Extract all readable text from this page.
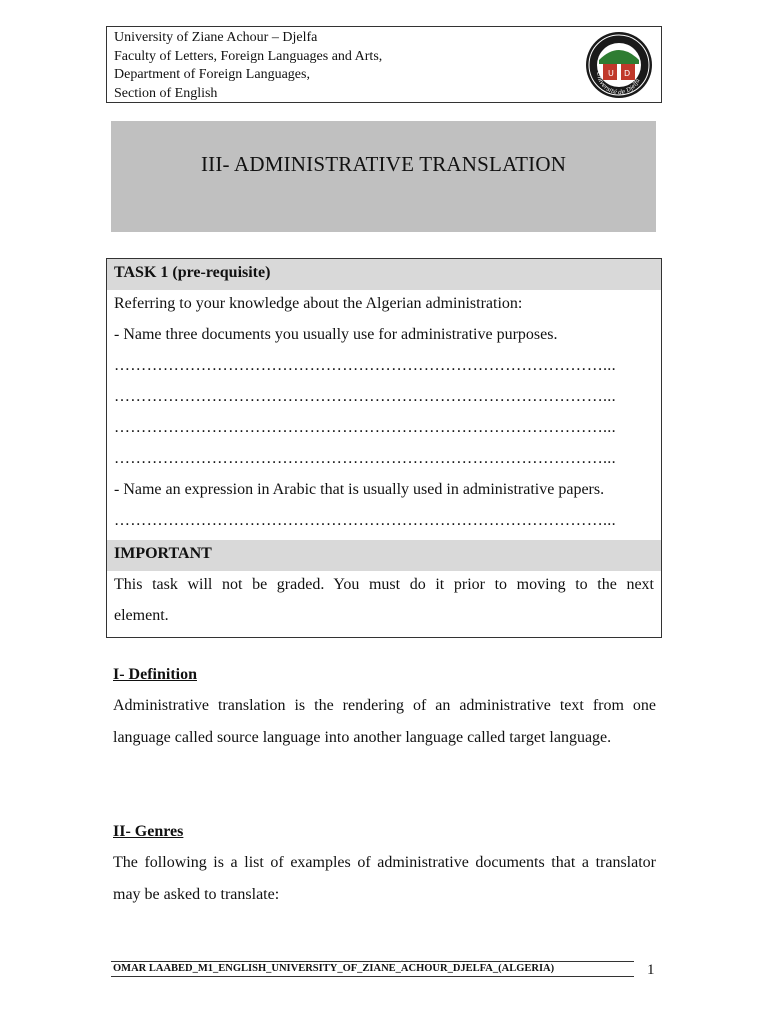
University of Ziane Achour – Djelfa
Faculty of Letters, Foreign Languages and Arts,
Department of Foreign Languages,
Section of English
U D
Université de Djelfa
III- ADMINISTRATIVE TRANSLATION
TASK 1 (pre-requisite)
Referring to your knowledge about the Algerian administration:
- Name three documents you usually use for administrative purposes.
………………………………………………………………………………...
………………………………………………………………………………...
………………………………………………………………………………...
………………………………………………………………………………...
- Name an expression in Arabic that is usually used in administrative papers.
………………………………………………………………………………...
IMPORTANT
This task will not be graded. You must do it prior to moving to the next
element.
I- Definition
Administrative translation is the rendering of an administrative text from one language called source language into another language called target language.
II- Genres
The following is a list of examples of administrative documents that a translator may be asked to translate:
OMAR LAABED_M1_ENGLISH_UNIVERSITY_OF_ZIANE_ACHOUR_DJELFA_(ALGERIA)	1
